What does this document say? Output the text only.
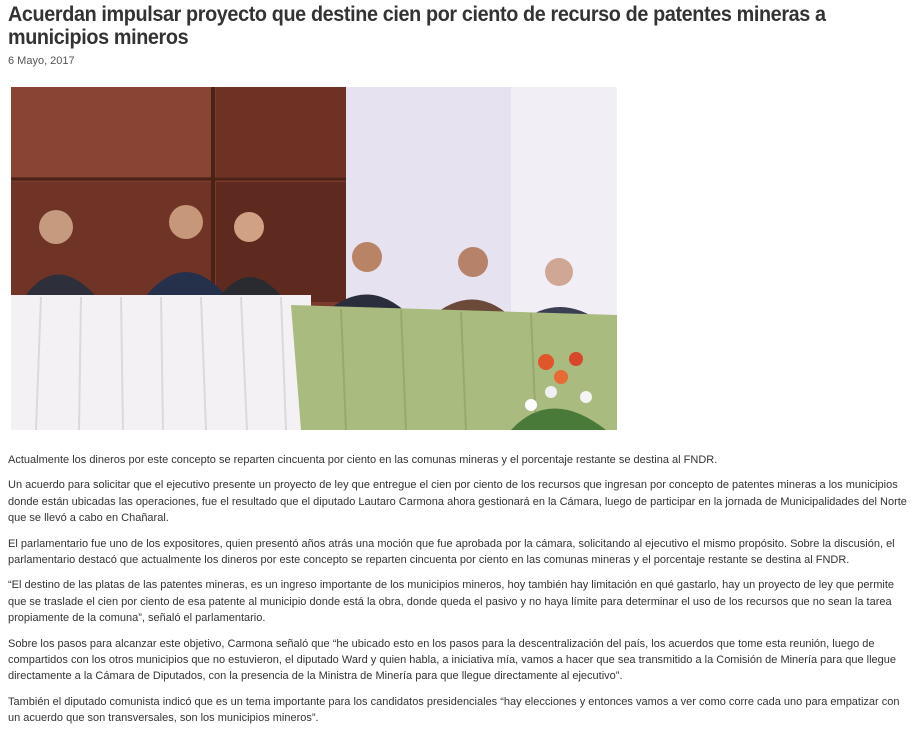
Acuerdan impulsar proyecto que destine cien por ciento de recurso de patentes mineras a municipios mineros
6 Mayo, 2017

Actualmente los dineros por este concepto se reparten cincuenta por ciento en las comunas mineras y el porcentaje restante se destina al FNDR.

Un acuerdo para solicitar que el ejecutivo presente un proyecto de ley que entregue el cien por ciento de los recursos que ingresan por concepto de patentes mineras a los municipios donde están ubicadas las operaciones, fue el resultado que el diputado Lautaro Carmona ahora gestionará en la Cámara, luego de participar en la jornada de Municipalidades del Norte que se llevó a cabo en Chañaral.

El parlamentario fue uno de los expositores, quien presentó años atrás una moción que fue aprobada por la cámara, solicitando al ejecutivo el mismo propósito. Sobre la discusión, el parlamentario destacó que actualmente los dineros por este concepto se reparten cincuenta por ciento en las comunas mineras y el porcentaje restante se destina al FNDR.

“El destino de las platas de las patentes mineras, es un ingreso importante de los municipios mineros, hoy también hay limitación en qué gastarlo, hay un proyecto de ley que permite que se traslade el cien por ciento de esa patente al municipio donde está la obra, donde queda el pasivo y no haya límite para determinar el uso de los recursos que no sean la tarea propiamente de la comuna”, señaló el parlamentario.

Sobre los pasos para alcanzar este objetivo, Carmona señaló que “he ubicado esto en los pasos para la descentralización del país, los acuerdos que tome esta reunión, luego de compartidos con los otros municipios que no estuvieron, el diputado Ward y quien habla, a iniciativa mía, vamos a hacer que sea transmitido a la Comisión de Minería para que llegue directamente a la Cámara de Diputados, con la presencia de la Ministra de Minería para que llegue directamente al ejecutivo”.

También el diputado comunista indicó que es un tema importante para los candidatos presidenciales “hay elecciones y entonces vamos a ver como corre cada uno para empatizar con un acuerdo que son transversales, son los municipios mineros”.
